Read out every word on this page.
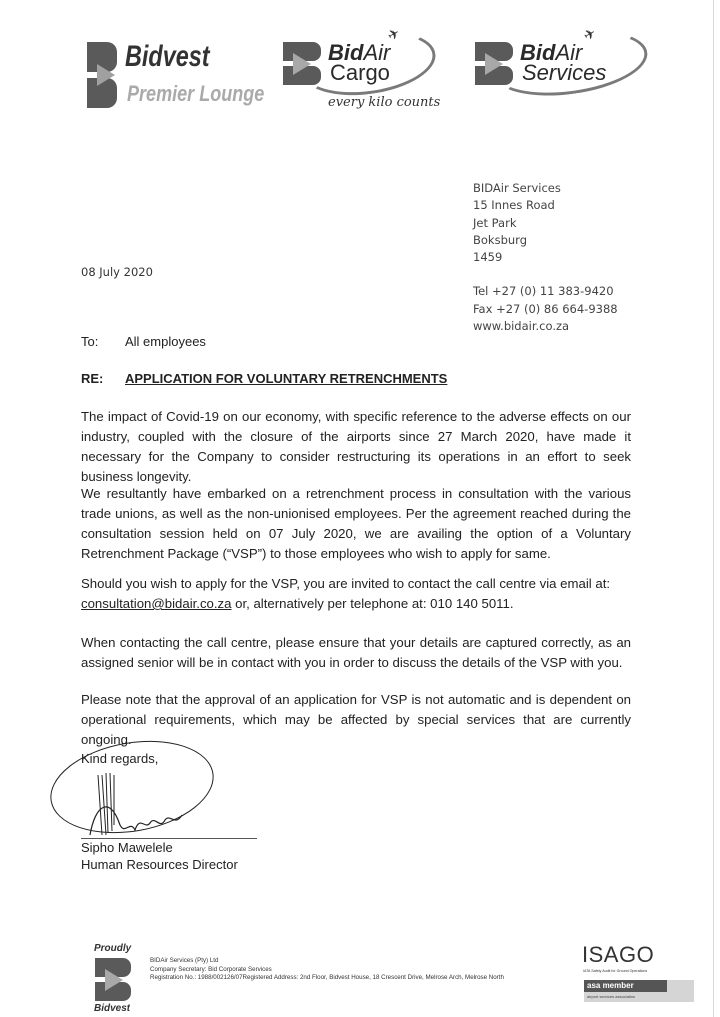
Bidvest
Premier Lounge
BidAir
Cargo
✈
every kilo counts
BidAir
Services
✈
BIDAir Services
15 Innes Road
Jet Park
Boksburg
1459
Tel +27 (0) 11 383-9420
Fax +27 (0) 86 664-9388
www.bidair.co.za
08 July 2020
To: All employees
RE: APPLICATION FOR VOLUNTARY RETRENCHMENTS
The impact of Covid-19 on our economy, with specific reference to the adverse effects on our industry, coupled with the closure of the airports since 27 March 2020, have made it necessary for the Company to consider restructuring its operations in an effort to seek business longevity.
We resultantly have embarked on a retrenchment process in consultation with the various trade unions, as well as the non-unionised employees. Per the agreement reached during the consultation session held on 07 July 2020, we are availing the option of a Voluntary Retrenchment Package (“VSP”) to those employees who wish to apply for same.
Should you wish to apply for the VSP, you are invited to contact the call centre via email at:
consultation@bidair.co.za or, alternatively per telephone at: 010 140 5011.
When contacting the call centre, please ensure that your details are captured correctly, as an assigned senior will be in contact with you in order to discuss the details of the VSP with you.
Please note that the approval of an application for VSP is not automatic and is dependent on operational requirements, which may be affected by special services that are currently ongoing.
Kind regards,
Sipho Mawelele
Human Resources Director
Proudly
Bidvest
BIDAir Services (Pty) Ltd
Company Secretary: Bid Corporate Services
Registration No.: 1988/002126/07Registered Address: 2nd Floor, Bidvest House, 18 Crescent Drive, Melrose Arch, Melrose North
ISAGO
IATA Safety Audit for Ground Operations
asa member
airport services association
